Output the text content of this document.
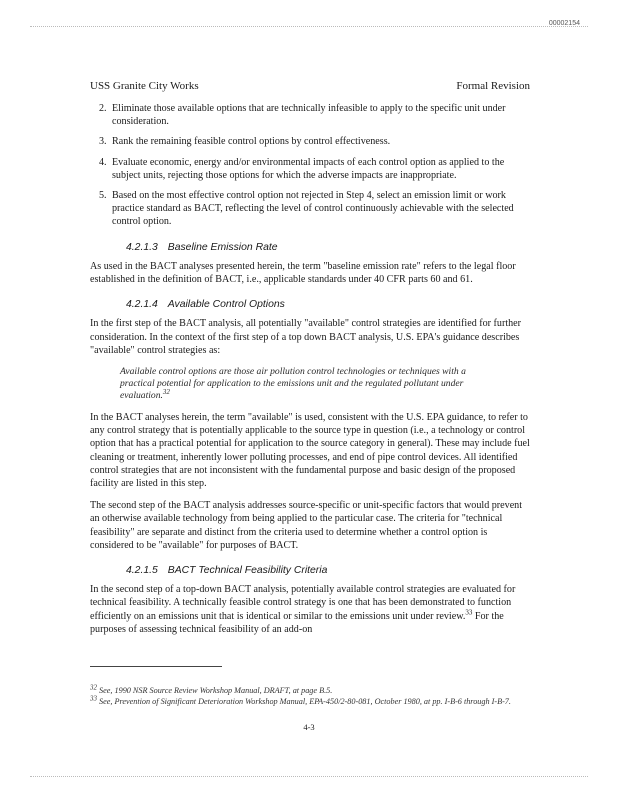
00002154
USS Granite City Works	Formal Revision
2. Eliminate those available options that are technically infeasible to apply to the specific unit under consideration.
3. Rank the remaining feasible control options by control effectiveness.
4. Evaluate economic, energy and/or environmental impacts of each control option as applied to the subject units, rejecting those options for which the adverse impacts are inappropriate.
5. Based on the most effective control option not rejected in Step 4, select an emission limit or work practice standard as BACT, reflecting the level of control continuously achievable with the selected control option.
4.2.1.3 Baseline Emission Rate

As used in the BACT analyses presented herein, the term "baseline emission rate" refers to the legal floor established in the definition of BACT, i.e., applicable standards under 40 CFR parts 60 and 61.

4.2.1.4 Available Control Options

In the first step of the BACT analysis, all potentially "available" control strategies are identified for further consideration. In the context of the first step of a top down BACT analysis, U.S. EPA's guidance describes "available" control strategies as:

Available control options are those air pollution control technologies or techniques with a practical potential for application to the emissions unit and the regulated pollutant under evaluation.$^{32}$

In the BACT analyses herein, the term "available" is used, consistent with the U.S. EPA guidance, to refer to any control strategy that is potentially applicable to the source type in question (i.e., a technology or control option that has a practical potential for application to the source category in general). These may include fuel cleaning or treatment, inherently lower polluting processes, and end of pipe control devices. All identified control strategies that are not inconsistent with the fundamental purpose and basic design of the proposed facility are listed in this step.

The second step of the BACT analysis addresses source-specific or unit-specific factors that would prevent an otherwise available technology from being applied to the particular case. The criteria for "technical feasibility" are separate and distinct from the criteria used to determine whether a control option is considered to be "available" for purposes of BACT.

4.2.1.5 BACT Technical Feasibility Criteria

In the second step of a top-down BACT analysis, potentially available control strategies are evaluated for technical feasibility. A technically feasible control strategy is one that has been demonstrated to function efficiently on an emissions unit that is identical or similar to the emissions unit under review.$^{33}$ For the purposes of assessing technical feasibility of an add-on

$^{32}$ See, 1990 NSR Source Review Workshop Manual, DRAFT, at page B.5.
$^{33}$ See, Prevention of Significant Deterioration Workshop Manual, EPA-450/2-80-081, October 1980, at pp. I-B-6 through I-B-7.
4-3
